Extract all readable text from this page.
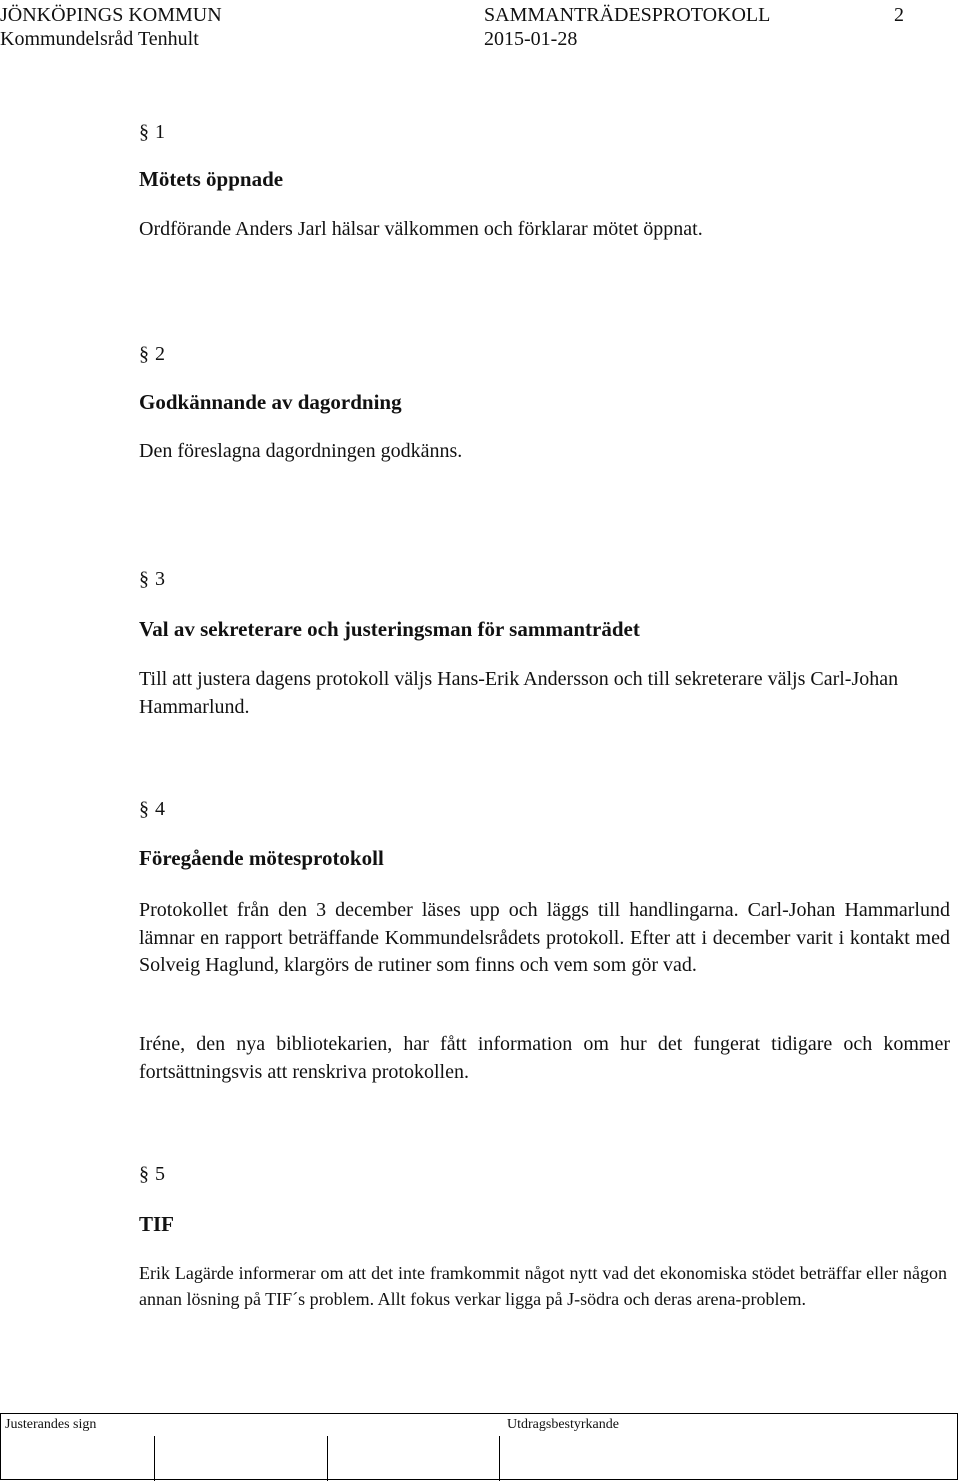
JÖNKÖPINGS KOMMUN
Kommundelsråd Tenhult
SAMMANTRÄDESPROTOKOLL
2015-01-28
2
§ 1
Mötets öppnade
Ordförande Anders Jarl hälsar välkommen och förklarar mötet öppnat.
§ 2
Godkännande av dagordning
Den föreslagna dagordningen godkänns.
§ 3
Val av sekreterare och justeringsman för sammanträdet
Till att justera dagens protokoll väljs Hans-Erik Andersson och till sekreterare väljs Carl-Johan Hammarlund.
§ 4
Föregående mötesprotokoll
Protokollet från den 3 december läses upp och läggs till handlingarna. Carl-Johan Hammarlund lämnar en rapport beträffande Kommundelsrådets protokoll. Efter att i december varit i kontakt med Solveig Haglund, klargörs de rutiner som finns och vem som gör vad.
Iréne, den nya bibliotekarien, har fått information om hur det fungerat tidigare och kommer fortsättningsvis att renskriva protokollen.
§ 5
TIF
Erik Lagärde informerar om att det inte framkommit något nytt vad det ekonomiska stödet beträffar eller någon annan lösning på TIF´s problem. Allt fokus verkar ligga på J-södra och deras arena-problem.
Justerandes sign	Utdragsbestyrkande
